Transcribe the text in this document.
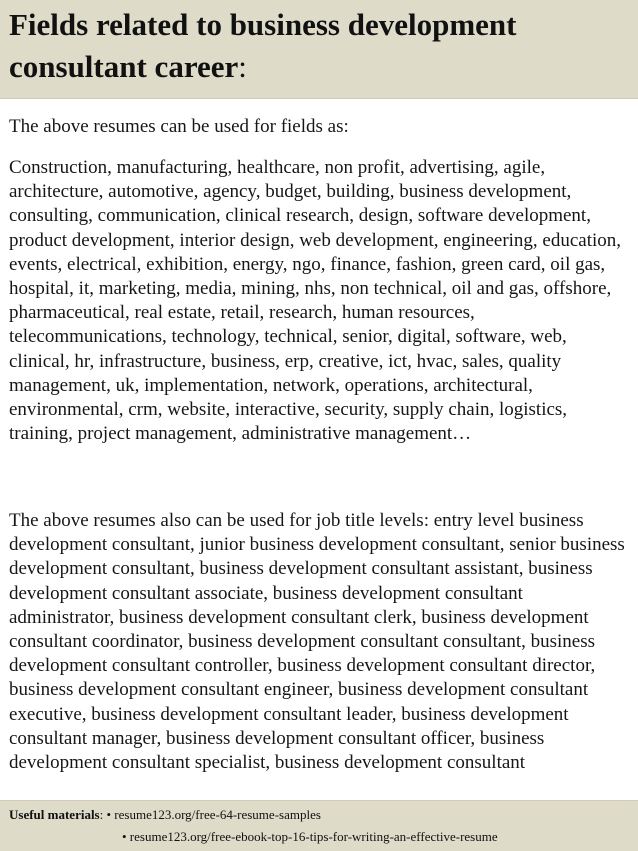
Fields related to business development consultant career:

The above resumes can be used for fields as:

Construction, manufacturing, healthcare, non profit, advertising, agile, architecture, automotive, agency, budget, building, business development, consulting, communication, clinical research, design, software development, product development, interior design, web development, engineering, education, events, electrical, exhibition, energy, ngo, finance, fashion, green card, oil gas, hospital, it, marketing, media, mining, nhs, non technical, oil and gas, offshore, pharmaceutical, real estate, retail, research, human resources, telecommunications, technology, technical, senior, digital, software, web, clinical, hr, infrastructure, business, erp, creative, ict, hvac, sales, quality management, uk, implementation, network, operations, architectural, environmental, crm, website, interactive, security, supply chain, logistics, training, project management, administrative management…

The above resumes also can be used for job title levels: entry level business development consultant, junior business development consultant, senior business development consultant, business development consultant assistant, business development consultant associate, business development consultant administrator, business development consultant clerk, business development consultant coordinator, business development consultant consultant, business development consultant controller, business development consultant director, business development consultant engineer, business development consultant executive, business development consultant leader, business development consultant manager, business development consultant officer, business development consultant specialist, business development consultant

Useful materials: • resume123.org/free-64-resume-samples
• resume123.org/free-ebook-top-16-tips-for-writing-an-effective-resume
